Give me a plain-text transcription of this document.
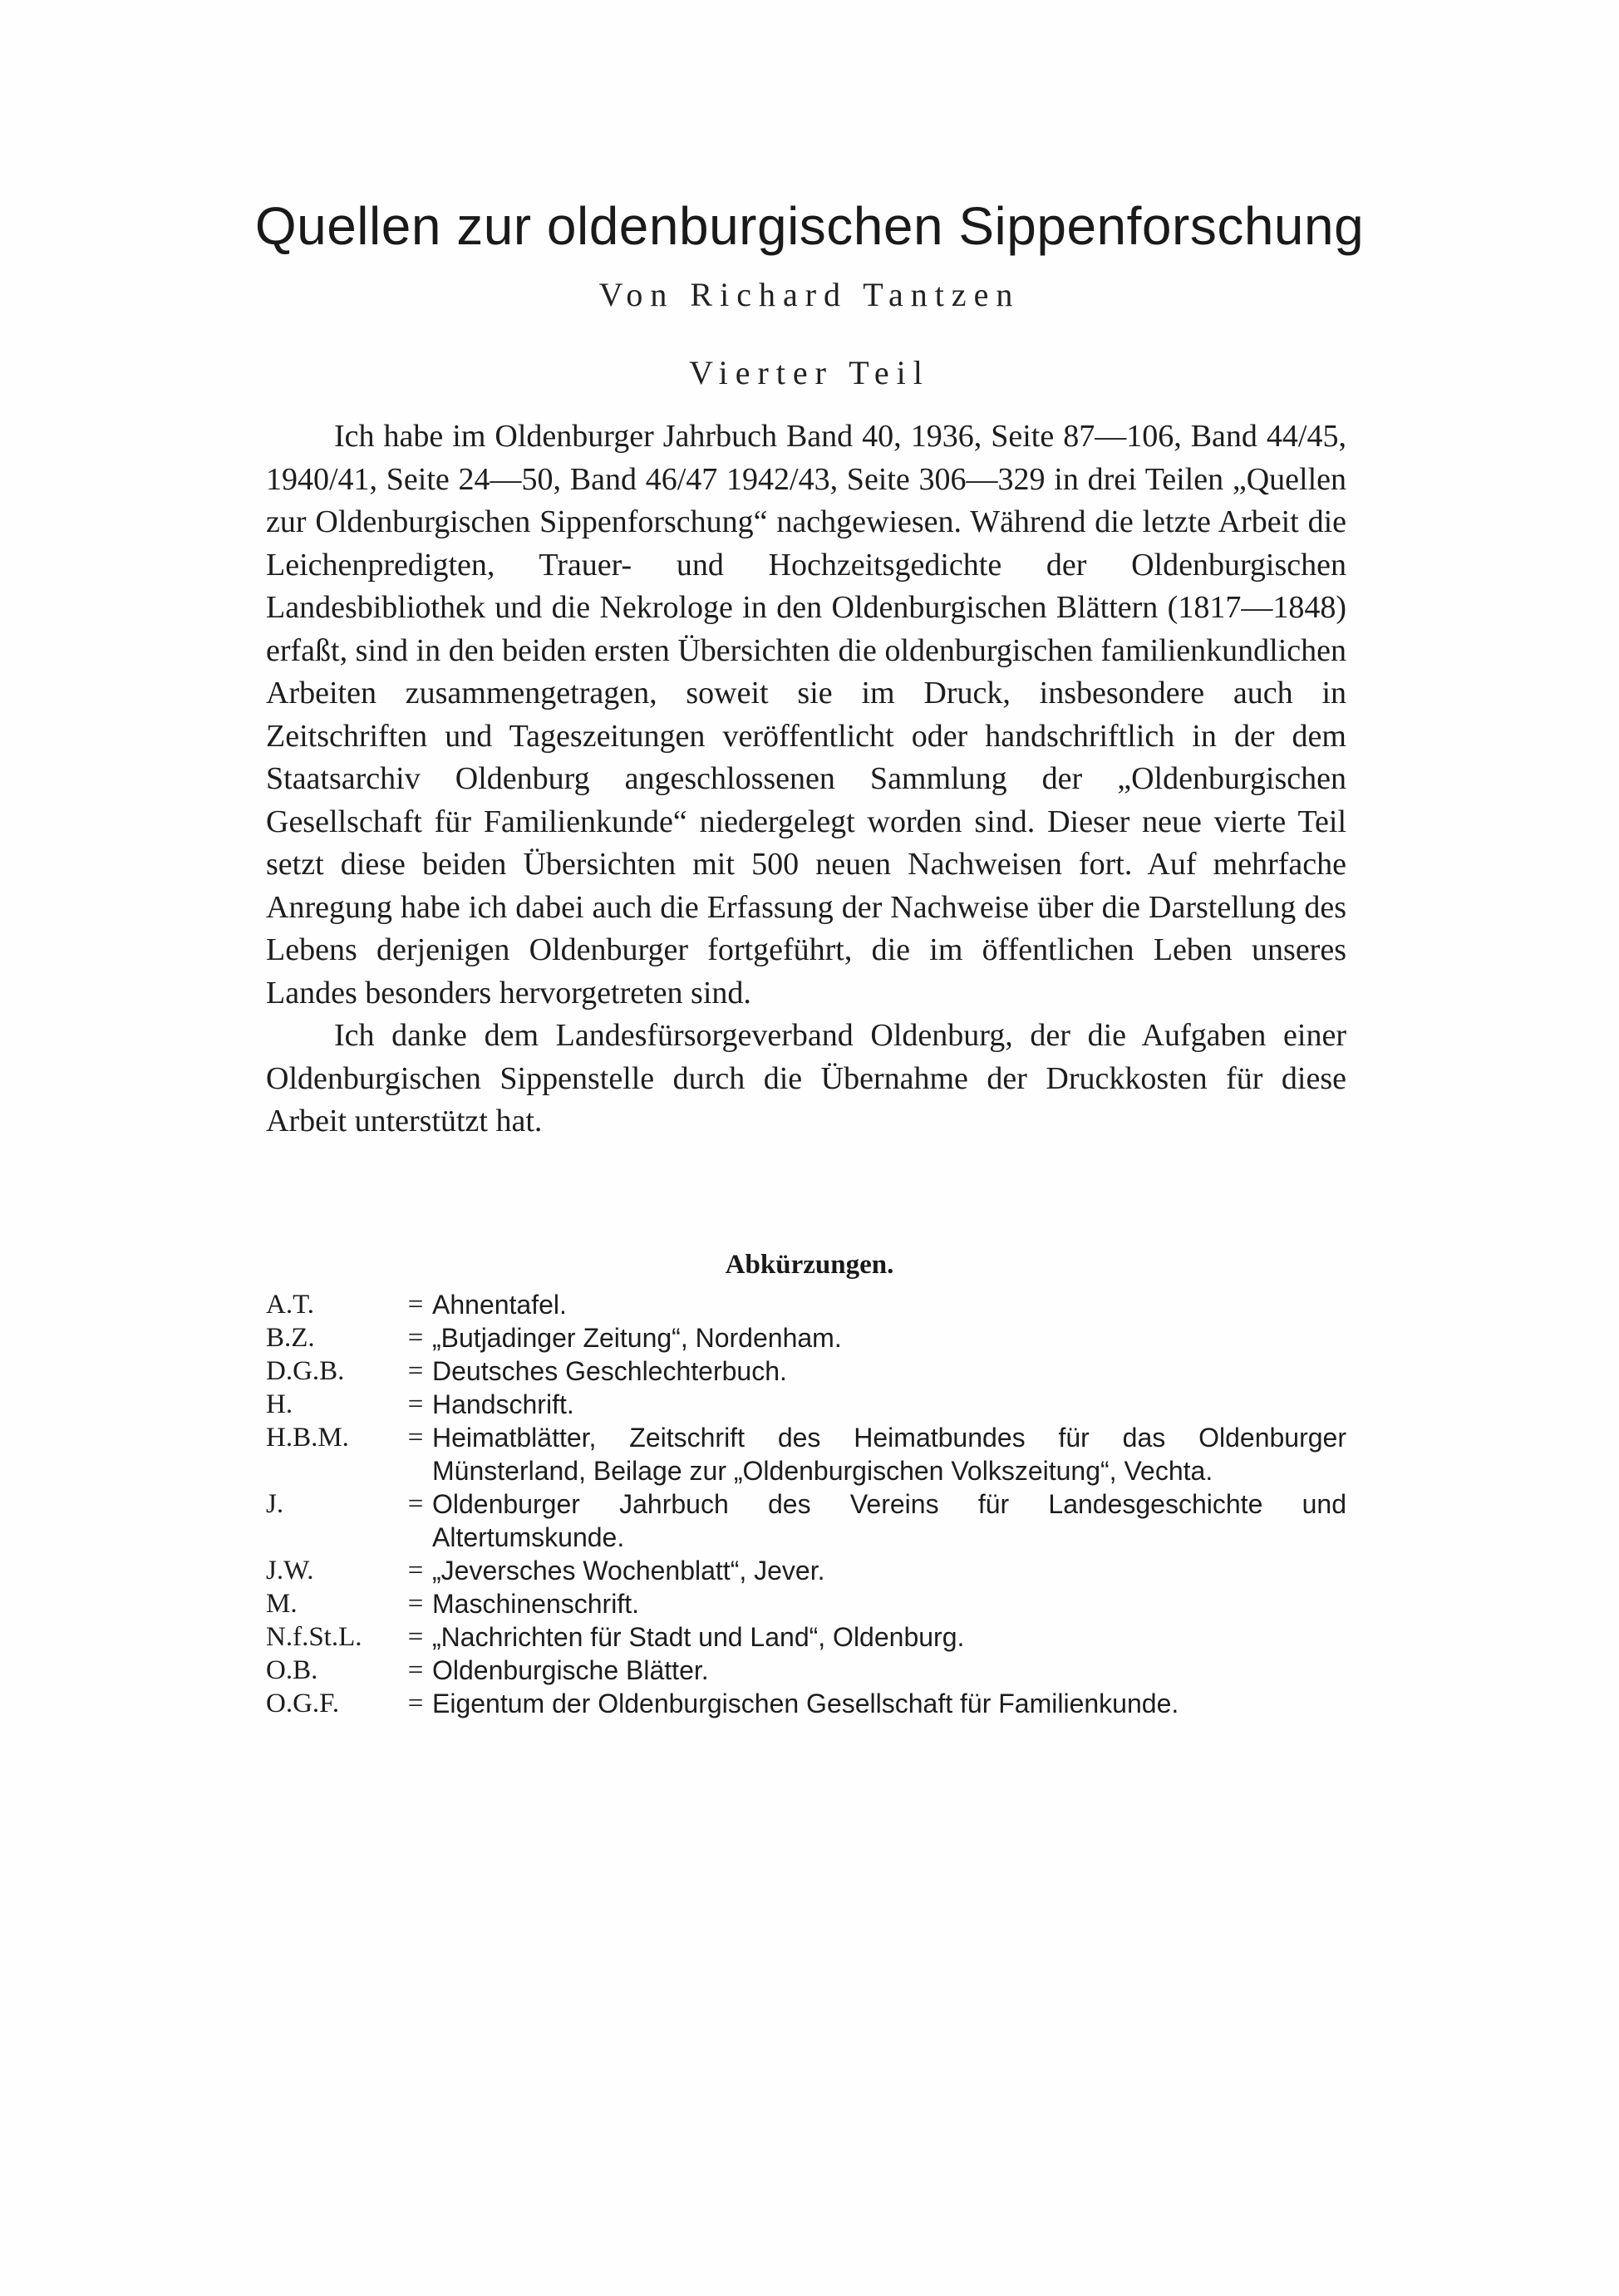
Quellen zur oldenburgischen Sippenforschung
Von Richard Tantzen
Vierter Teil

Ich habe im Oldenburger Jahrbuch Band 40, 1936, Seite 87—106, Band 44/45, 1940/41, Seite 24—50, Band 46/47 1942/43, Seite 306—329 in drei Teilen „Quellen zur Oldenburgischen Sippenforschung“ nachgewiesen. Während die letzte Arbeit die Leichenpredigten, Trauer- und Hochzeitsgedichte der Oldenburgischen Landesbibliothek und die Nekrologe in den Oldenburgischen Blättern (1817—1848) erfaßt, sind in den beiden ersten Übersichten die oldenburgischen familienkundlichen Arbeiten zusammengetragen, soweit sie im Druck, insbesondere auch in Zeitschriften und Tageszeitungen veröffentlicht oder handschriftlich in der dem Staatsarchiv Oldenburg angeschlossenen Sammlung der „Oldenburgischen Gesellschaft für Familienkunde“ niedergelegt worden sind. Dieser neue vierte Teil setzt diese beiden Übersichten mit 500 neuen Nachweisen fort. Auf mehrfache Anregung habe ich dabei auch die Erfassung der Nachweise über die Darstellung des Lebens derjenigen Oldenburger fortgeführt, die im öffentlichen Leben unseres Landes besonders hervorgetreten sind.

Ich danke dem Landesfürsorgeverband Oldenburg, der die Aufgaben einer Oldenburgischen Sippenstelle durch die Übernahme der Druckkosten für diese Arbeit unterstützt hat.

Abkürzungen.
A.T.	= Ahnentafel.
B.Z.	= „Butjadinger Zeitung“, Nordenham.
D.G.B.	= Deutsches Geschlechterbuch.
H.	= Handschrift.
H.B.M.	= Heimatblätter, Zeitschrift des Heimatbundes für das Oldenburger Münsterland, Beilage zur „Oldenburgischen Volkszeitung“, Vechta.
J.	= Oldenburger Jahrbuch des Vereins für Landesgeschichte und Altertumskunde.
J.W.	= „Jeversches Wochenblatt“, Jever.
M.	= Maschinenschrift.
N.f.St.L.	= „Nachrichten für Stadt und Land“, Oldenburg.
O.B.	= Oldenburgische Blätter.
O.G.F.	= Eigentum der Oldenburgischen Gesellschaft für Familienkunde.
